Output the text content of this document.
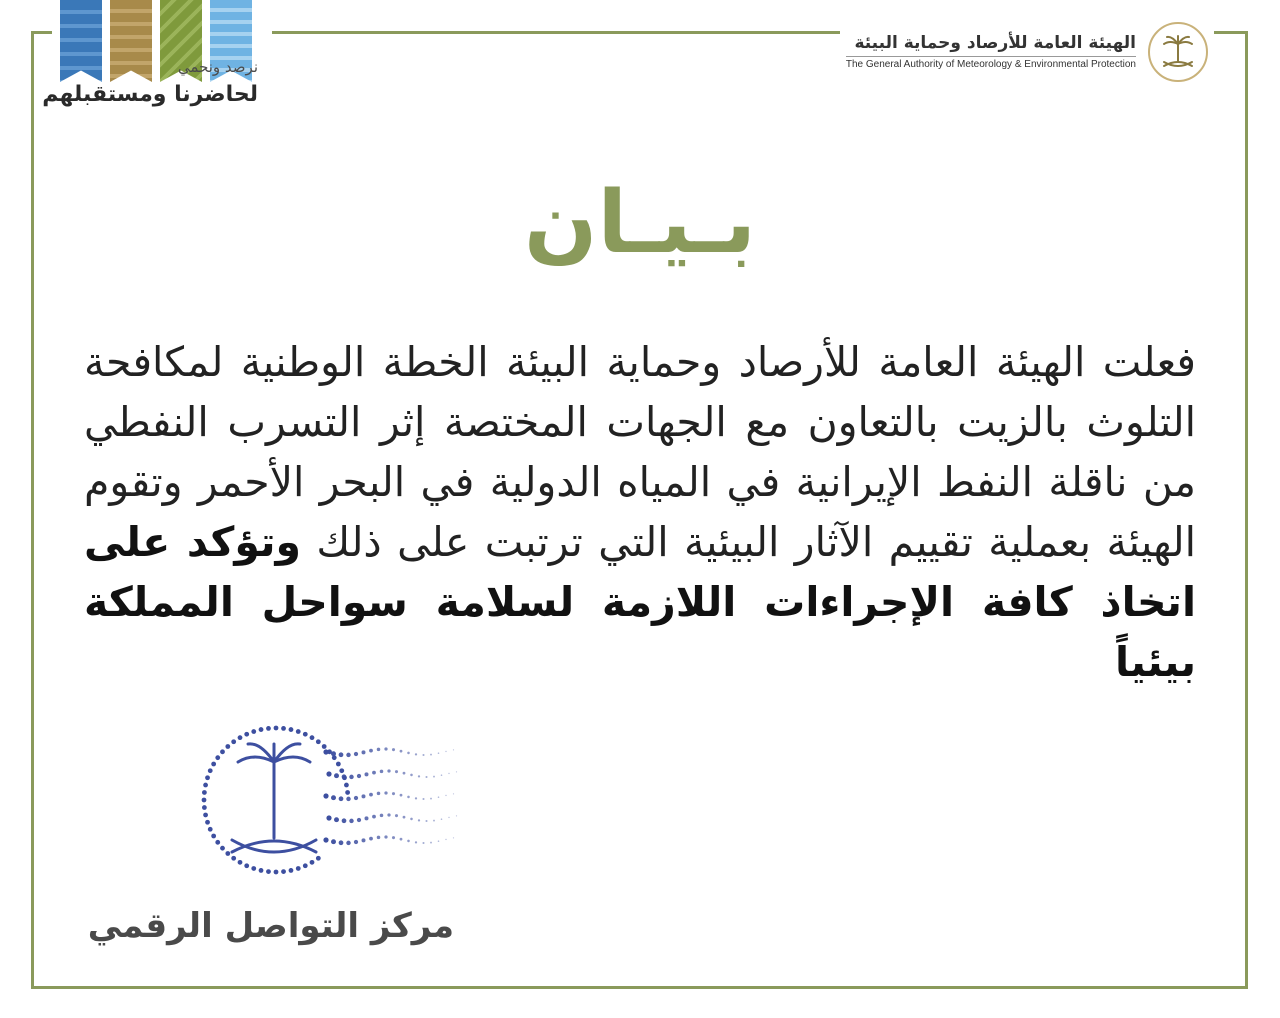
نرصد ونحمي
لحاضرنا ومستقبلهم
الهيئة العامة للأرصاد وحماية البيئة
The General Authority of Meteorology & Environmental Protection
بـيـان
فعلت الهيئة العامة للأرصاد وحماية البيئة الخطة الوطنية لمكافحة التلوث بالزيت بالتعاون مع الجهات المختصة إثر التسرب النفطي من ناقلة النفط الإيرانية في المياه الدولية في البحر الأحمر وتقوم الهيئة بعملية تقييم الآثار البيئية التي ترتبت على ذلك وتؤكد على اتخاذ كافة الإجراءات اللازمة لسلامة سواحل المملكة بيئياً
مركز التواصل الرقمي
